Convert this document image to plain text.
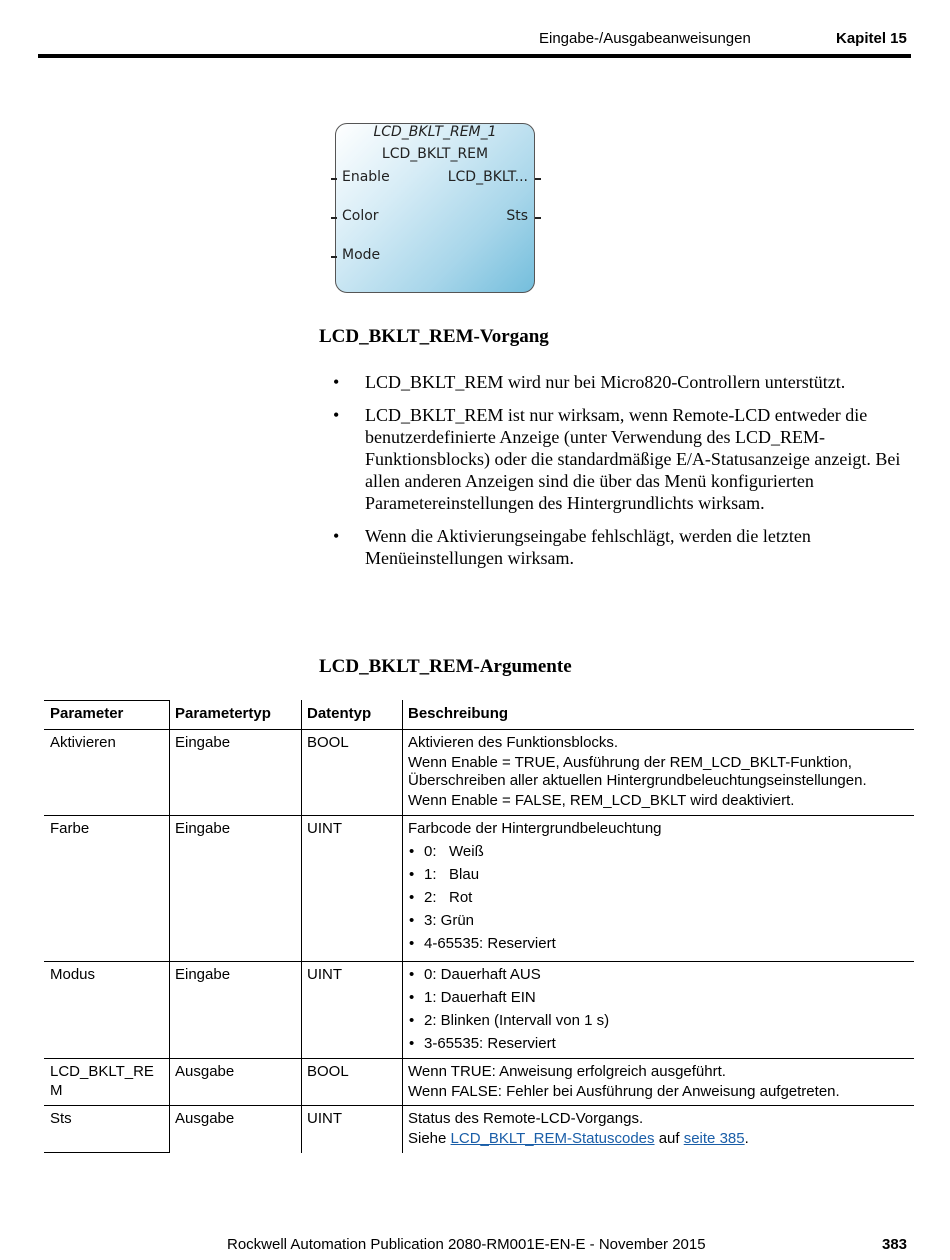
Eingabe-/Ausgabeanweisungen	Kapitel 15
LCD_BKLT_REM_1
LCD_BKLT_REM
Enable
Color
Mode
LCD_BKLT...
Sts
LCD_BKLT_REM-Vorgang
• LCD_BKLT_REM wird nur bei Micro820-Controllern unterstützt.
• LCD_BKLT_REM ist nur wirksam, wenn Remote-LCD entweder die benutzerdefinierte Anzeige (unter Verwendung des LCD_REM-Funktionsblocks) oder die standardmäßige E/A-Statusanzeige anzeigt. Bei allen anderen Anzeigen sind die über das Menü konfigurierten Parametereinstellungen des Hintergrundlichts wirksam.
• Wenn die Aktivierungseingabe fehlschlägt, werden die letzten Menüeinstellungen wirksam.
LCD_BKLT_REM-Argumente
Parameter	Parametertyp	Datentyp	Beschreibung
Aktivieren	Eingabe	BOOL	Aktivieren des Funktionsblocks.
Wenn Enable = TRUE, Ausführung der REM_LCD_BKLT-Funktion, Überschreiben aller aktuellen Hintergrundbeleuchtungseinstellungen.
Wenn Enable = FALSE, REM_LCD_BKLT wird deaktiviert.
Farbe	Eingabe	UINT	Farbcode der Hintergrundbeleuchtung
• 0:   Weiß
• 1:   Blau
• 2:   Rot
• 3: Grün
• 4-65535: Reserviert
Modus	Eingabe	UINT
•	0: Dauerhaft AUS
• 1: Dauerhaft EIN
• 2: Blinken (Intervall von 1 s)
• 3-65535: Reserviert
LCD_BKLT_RE M
Ausgabe	BOOL	Wenn TRUE: Anweisung erfolgreich ausgeführt.
Wenn FALSE: Fehler bei Ausführung der Anweisung aufgetreten.
Sts	Ausgabe	UINT	Status des Remote-LCD-Vorgangs.
Siehe LCD_BKLT_REM-Statuscodes auf seite 385.
Rockwell Automation Publication 2080-RM001E-EN-E - November 2015	383
